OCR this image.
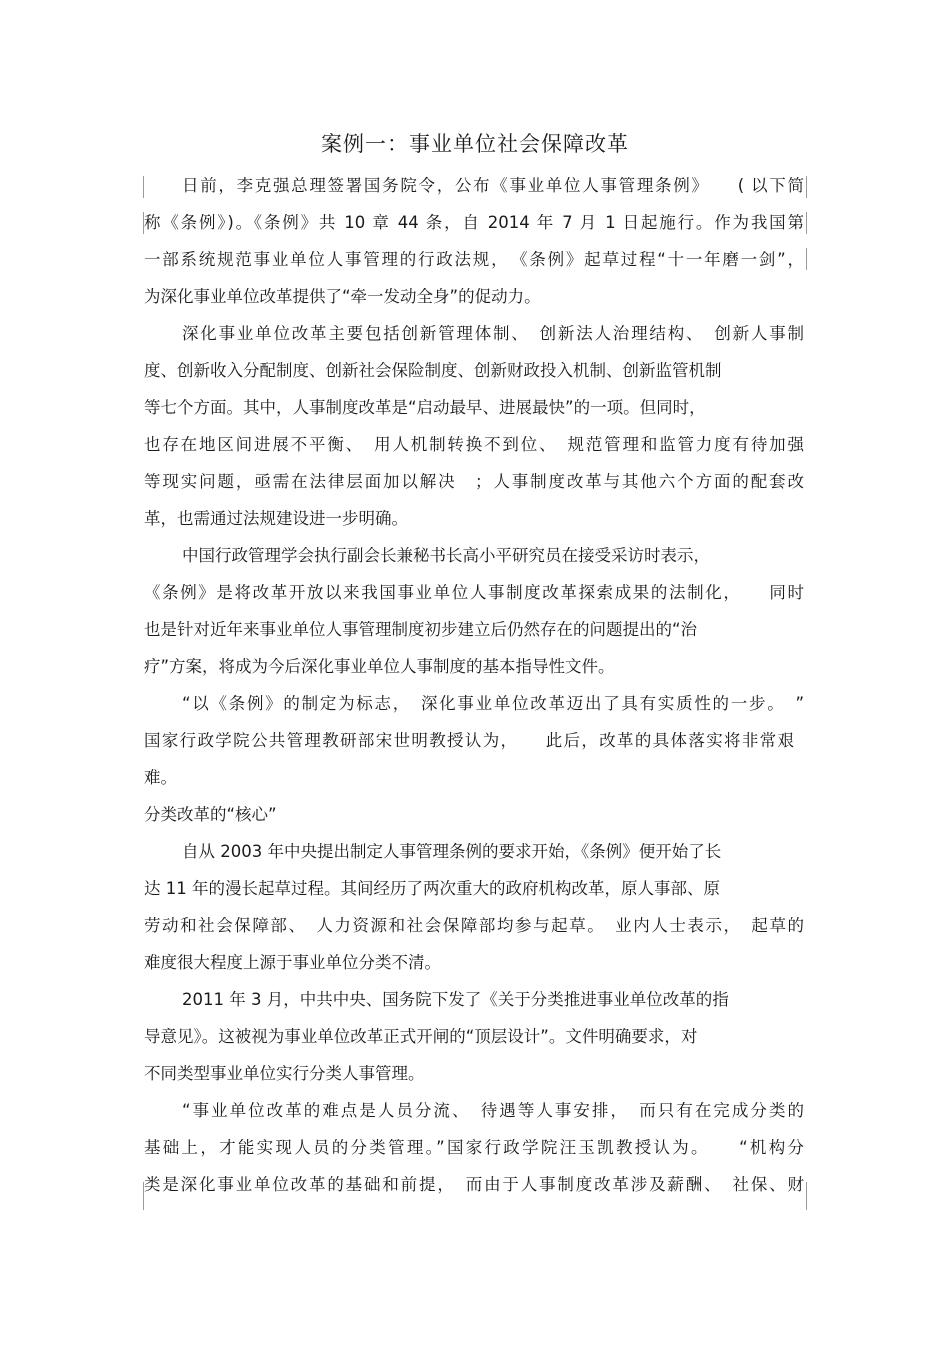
案例一：事业单位社会保障改革
日前，李克强总理签署国务院令，公布《事业单位人事管理条例》　　( 以下简
称《条例》)。《条例》共 10 章 44 条，自 2014 年 7 月 1 日起施行。作为我国第
一部系统规范事业单位人事管理的行政法规，　《条例》起草过程“十一年磨一剑”，
为深化事业单位改革提供了“牵一发动全身”的促动力。
深化事业单位改革主要包括创新管理体制、　创新法人治理结构、　创新人事制
度、创新收入分配制度、创新社会保险制度、创新财政投入机制、创新监管机制
等七个方面。其中，人事制度改革是“启动最早、进展最快”的一项。但同时，
也存在地区间进展不平衡、　用人机制转换不到位、　规范管理和监管力度有待加强
等现实问题，亟需在法律层面加以解决　；人事制度改革与其他六个方面的配套改
革，也需通过法规建设进一步明确。
中国行政管理学会执行副会长兼秘书长高小平研究员在接受采访时表示，
《条例》是将改革开放以来我国事业单位人事制度改革探索成果的法制化，　　同时
也是针对近年来事业单位人事管理制度初步建立后仍然存在的问题提出的“治
疗”方案，将成为今后深化事业单位人事制度的基本指导性文件。
“以《条例》的制定为标志，　深化事业单位改革迈出了具有实质性的一步。　”
国家行政学院公共管理教研部宋世明教授认为，　　此后，改革的具体落实将非常艰
难。
分类改革的“核心”
自从 2003 年中央提出制定人事管理条例的要求开始，《条例》便开始了长
达 11 年的漫长起草过程。其间经历了两次重大的政府机构改革，原人事部、原
劳动和社会保障部、　人力资源和社会保障部均参与起草。　业内人士表示，　起草的
难度很大程度上源于事业单位分类不清。
2011 年 3 月，中共中央、国务院下发了《关于分类推进事业单位改革的指
导意见》。这被视为事业单位改革正式开闸的“顶层设计”。文件明确要求，对
不同类型事业单位实行分类人事管理。
“事业单位改革的难点是人员分流、　待遇等人事安排，　而只有在完成分类的
基础上，才能实现人员的分类管理。”国家行政学院汪玉凯教授认为。　　“机构分
类是深化事业单位改革的基础和前提，　而由于人事制度改革涉及薪酬、　社保、财
